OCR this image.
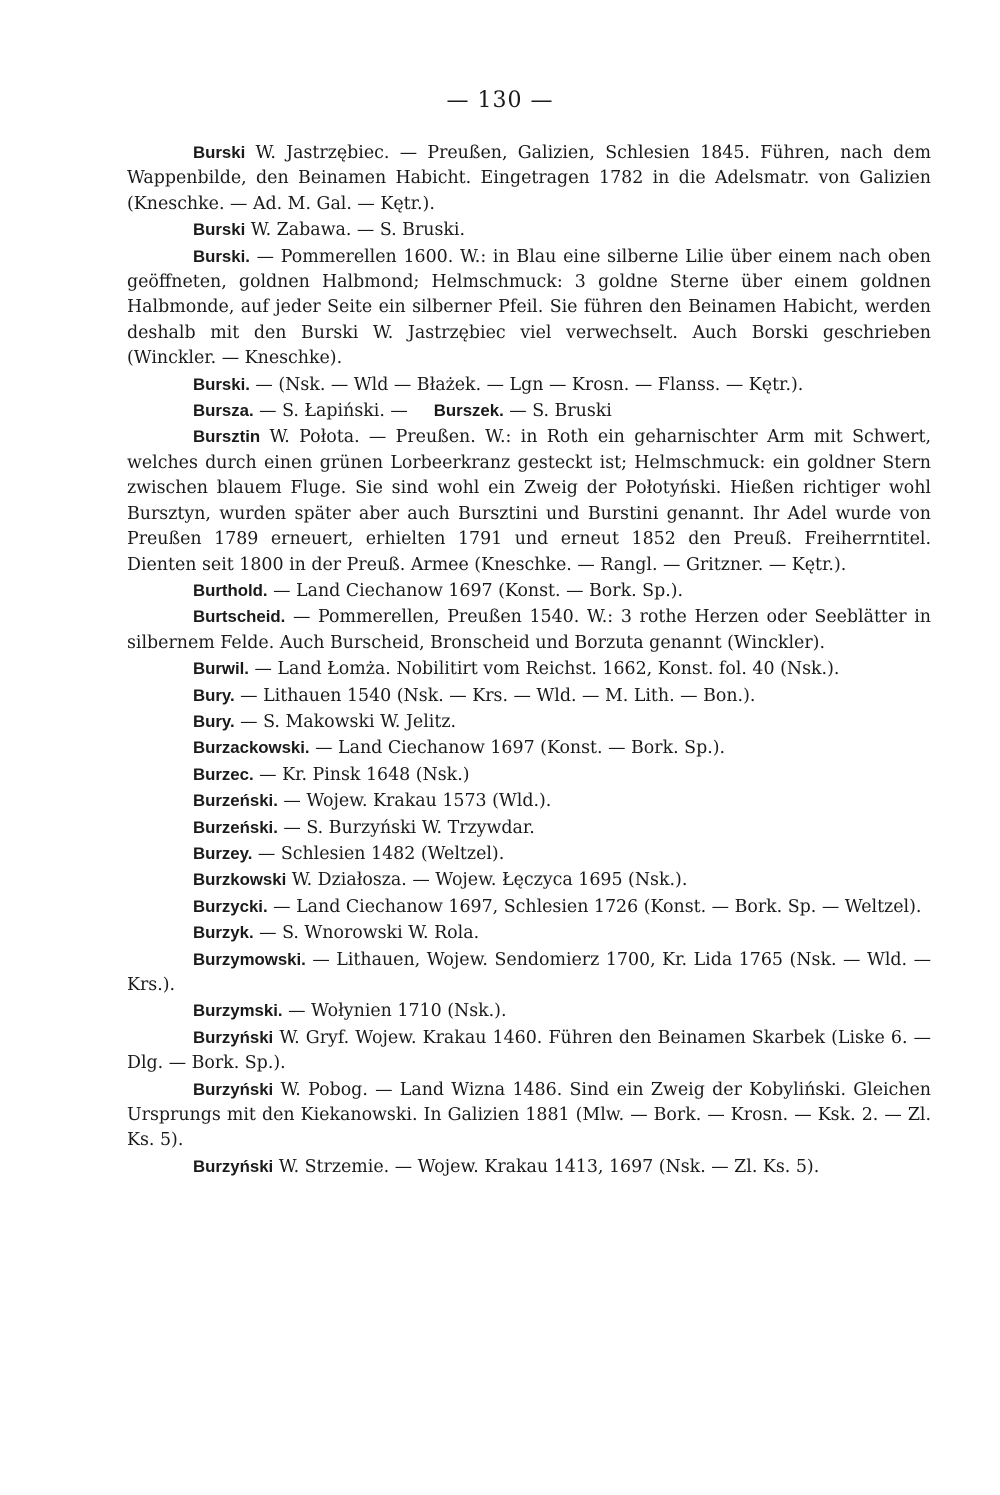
— 130 —

Burski W. Jastrzębiec. — Preußen, Galizien, Schlesien 1845. Führen, nach dem Wappenbilde, den Beinamen Habicht. Eingetragen 1782 in die Adelsmatr. von Galizien (Kneschke. — Ad. M. Gal. — Kętr.).

Burski W. Zabawa. — S. Bruski.

Burski. — Pommerellen 1600. W.: in Blau eine silberne Lilie über einem nach oben geöffneten, goldnen Halbmond; Helmschmuck: 3 goldne Sterne über einem goldnen Halbmonde, auf jeder Seite ein silberner Pfeil. Sie führen den Beinamen Habicht, werden deshalb mit den Burski W. Jastrzębiec viel verwechselt. Auch Borski geschrieben (Winckler. — Kneschke).

Burski. — (Nsk. — Wld — Błażek. — Lgn — Krosn. — Flanss. — Kętr.).

Bursza. — S. Łapiński. — Burszek. — S. Bruski

Bursztin W. Połota. — Preußen. W.: in Roth ein geharnischter Arm mit Schwert, welches durch einen grünen Lorbeerkranz gesteckt ist; Helmschmuck: ein goldner Stern zwischen blauem Fluge. Sie sind wohl ein Zweig der Połotyński. Hießen richtiger wohl Bursztyn, wurden später aber auch Bursztini und Burstini genannt. Ihr Adel wurde von Preußen 1789 erneuert, erhielten 1791 und erneut 1852 den Preuß. Freiherrntitel. Dienten seit 1800 in der Preuß. Armee (Kneschke. — Rangl. — Gritzner. — Kętr.).

Burthold. — Land Ciechanow 1697 (Konst. — Bork. Sp.).

Burtscheid. — Pommerellen, Preußen 1540. W.: 3 rothe Herzen oder Seeblätter in silbernem Felde. Auch Burscheid, Bronscheid und Borzuta genannt (Winckler).

Burwil. — Land Łomża. Nobilitirt vom Reichst. 1662, Konst. fol. 40 (Nsk.).

Bury. — Lithauen 1540 (Nsk. — Krs. — Wld. — M. Lith. — Bon.).

Bury. — S. Makowski W. Jelitz.

Burzackowski. — Land Ciechanow 1697 (Konst. — Bork. Sp.).

Burzec. — Kr. Pinsk 1648 (Nsk.)

Burzeński. — Wojew. Krakau 1573 (Wld.).

Burzeński. — S. Burzyński W. Trzywdar.

Burzey. — Schlesien 1482 (Weltzel).

Burzkowski W. Działosza. — Wojew. Łęczyca 1695 (Nsk.).

Burzycki. — Land Ciechanow 1697, Schlesien 1726 (Konst. — Bork. Sp. — Weltzel).

Burzyk. — S. Wnorowski W. Rola.

Burzymowski. — Lithauen, Wojew. Sendomierz 1700, Kr. Lida 1765 (Nsk. — Wld. — Krs.).

Burzymski. — Wołynien 1710 (Nsk.).

Burzyński W. Gryf. Wojew. Krakau 1460. Führen den Beinamen Skarbek (Liske 6. — Dlg. — Bork. Sp.).

Burzyński W. Pobog. — Land Wizna 1486. Sind ein Zweig der Kobyliński. Gleichen Ursprungs mit den Kiekanowski. In Galizien 1881 (Mlw. — Bork. — Krosn. — Ksk. 2. — Zl. Ks. 5).

Burzyński W. Strzemie. — Wojew. Krakau 1413, 1697 (Nsk. — Zl. Ks. 5).
